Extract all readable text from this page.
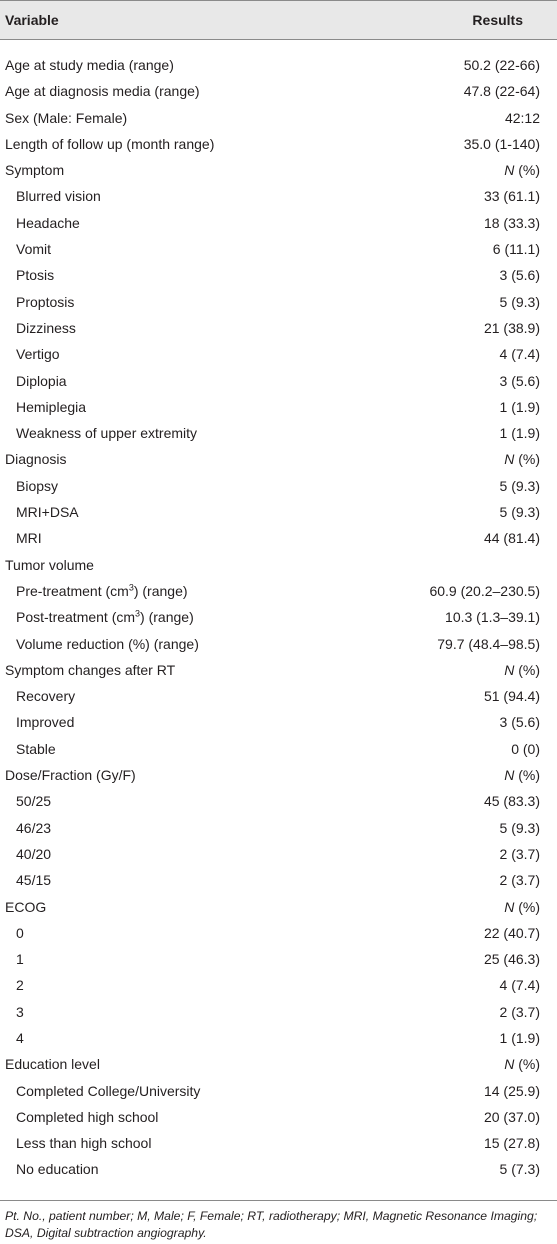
Variable	Results
Age at study media (range)	50.2 (22-66)
Age at diagnosis media (range)	47.8 (22-64)
Sex (Male: Female)	42:12
Length of follow up (month range)	35.0 (1-140)
Symptom	N (%)
Blurred vision	33 (61.1)
Headache	18 (33.3)
Vomit	6 (11.1)
Ptosis	3 (5.6)
Proptosis	5 (9.3)
Dizziness	21 (38.9)
Vertigo	4 (7.4)
Diplopia	3 (5.6)
Hemiplegia	1 (1.9)
Weakness of upper extremity	1 (1.9)
Diagnosis	N (%)
Biopsy	5 (9.3)
MRI+DSA	5 (9.3)
MRI	44 (81.4)
Tumor volume
Pre-treatment $(cm^3)$ (range)	60.9 (20.2–230.5)
Post-treatment $(cm^3)$ (range)	10.3 (1.3–39.1)
Volume reduction (%) (range)	79.7 (48.4–98.5)
Symptom changes after RT	N (%)
Recovery	51 (94.4)
Improved	3 (5.6)
Stable	0 (0)
Dose/Fraction (Gy/F)	N (%)
50/25	45 (83.3)
46/23	5 (9.3)
40/20	2 (3.7)
45/15	2 (3.7)
ECOG	N (%)
0	22 (40.7)
1	25 (46.3)
2	4 (7.4)
3	2 (3.7)
4	1 (1.9)
Education level	N (%)
Completed College/University	14 (25.9)
Completed high school	20 (37.0)
Less than high school	15 (27.8)
No education	5 (7.3)
Pt. No., patient number; M, Male; F, Female; RT, radiotherapy; MRI, Magnetic Resonance Imaging; DSA, Digital subtraction angiography.
